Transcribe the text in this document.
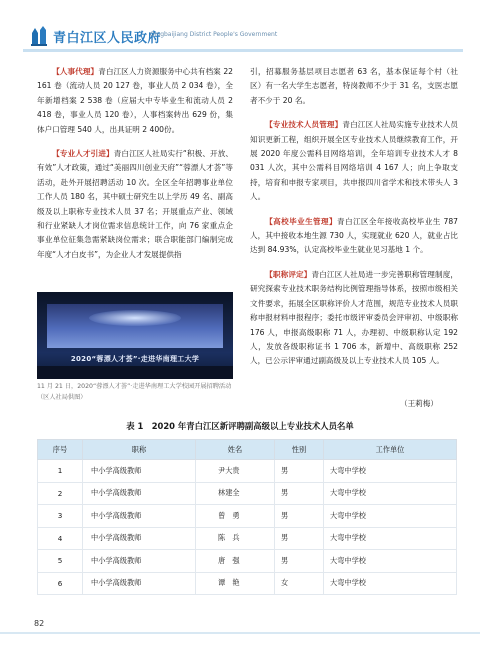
青白江区人民政府
Qingbaijiang District People's Government

【人事代理】青白江区人力资源服务中心共有档案 22 161 卷（流动人员 20 127 卷，事业人员 2 034 卷），全年新增档案 2 538 卷（应届大中专毕业生和流动人员 2 418 卷，事业人员 120 卷），人事档案转出 629 份，集体户口管理 540 人，出具证明 2 400份。

【专业人才引进】青白江区人社局实行“积极、开放、有效”人才政策，通过“美丽四川创业天府”“蓉漂人才荟”等活动，赴外开展招聘活动 10 次。全区全年招聘事业单位工作人员 180 名，其中硕士研究生以上学历 49 名、副高级及以上职称专业技术人员 37 名；开展重点产业、领域和行业紧缺人才岗位需求信息统计工作，向 76 家重点企事业单位征集急需紧缺岗位需求；联合职能部门编制完成年度“人才白皮书”，为企业人才发展提供指

2020“蓉漂人才荟”·走进华南理工大学
11 月 21 日，2020“蓉漂人才荟”·走进华南理工大学校园开展招聘活动（区人社局供图）

引，招募服务基层项目志愿者 63 名，基本保证每个村（社区）有一名大学生志愿者，特岗教师不少于 31 名，支医志愿者不少于 20 名。

【专业技术人员管理】青白江区人社局实施专业技术人员知识更新工程，组织开展全区专业技术人员继续教育工作，开展 2020 年度公需科目网络培训，全年培训专业技术人才 8 031 人次，其中公需科目网络培训 4 167 人；向上争取支持，培育和申报专家项目，共申报四川省学术和技术带头人 3 人。

【高校毕业生管理】青白江区全年接收高校毕业生 787 人，其中接收本地生源 730 人，实现就业 620 人，就业占比达到 84.93%，认定高校毕业生就业见习基地 1 个。

【职称评定】青白江区人社局进一步完善职称管理制度，研究探索专业技术职务结构比例管理指导体系，按照市级相关文件要求，拓展全区职称评价人才范围，规范专业技术人员职称申报材料申报程序；委托市级评审委员会评审初、中级职称 176 人，申报高级职称 71 人，办理初、中级职称认定 192 人，发放各级职称证书 1 706 本，新增中、高级职称 252 人，已公示评审通过副高级及以上专业技术人员 105 人。

（王莉梅）
表 1　2020 年青白江区新评聘副高级以上专业技术人员名单
序号	职称	姓名	性别	工作单位
1	中小学高级教师	尹大贵	男	大弯中学校
2	中小学高级教师	林建全	男	大弯中学校
3	中小学高级教师	曾　勇	男	大弯中学校
4	中小学高级教师	陈　兵	男	大弯中学校
5	中小学高级教师	唐　强	男	大弯中学校
6	中小学高级教师	谭　艳	女	大弯中学校
82
